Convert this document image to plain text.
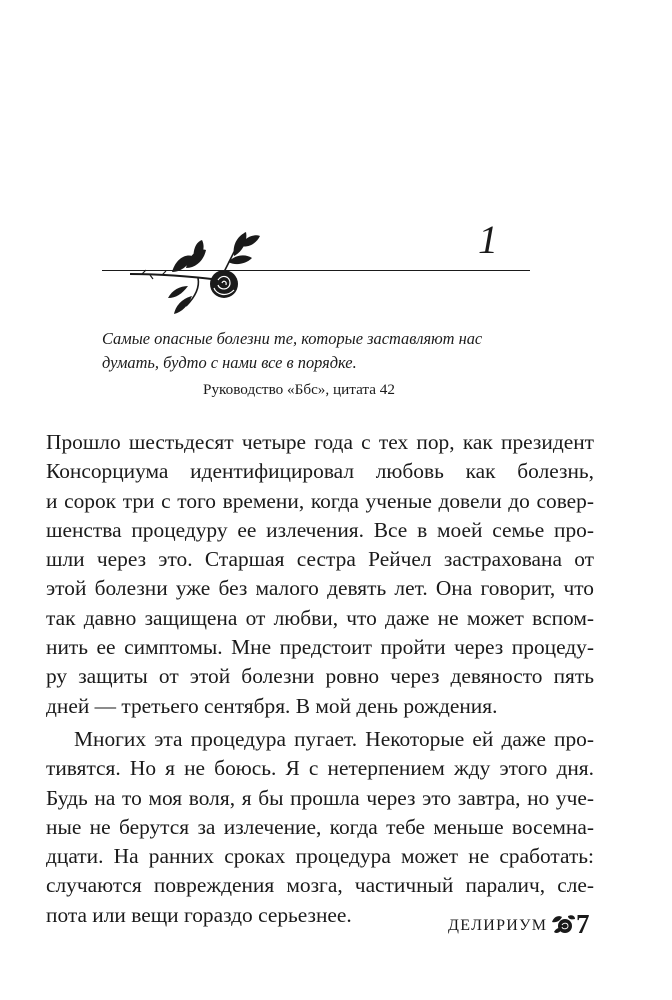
1
Самые опасные болезни те, которые заставляют нас
думать, будто с нами все в порядке.
Руководство «Ббс», цитата 42
Прошло шестьдесят четыре года с тех пор, как президент
Консорциума идентифицировал любовь как болезнь,
и сорок три с того времени, когда ученые довели до совер-
шенства процедуру ее излечения. Все в моей семье про-
шли через это. Старшая сестра Рейчел застрахована от
этой болезни уже без малого девять лет. Она говорит, что
так давно защищена от любви, что даже не может вспом-
нить ее симптомы. Мне предстоит пройти через процеду-
ру защиты от этой болезни ровно через девяносто пять
дней — третьего сентября. В мой день рождения.
Многих эта процедура пугает. Некоторые ей даже про-
тивятся. Но я не боюсь. Я с нетерпением жду этого дня.
Будь на то моя воля, я бы прошла через это завтра, но уче-
ные не берутся за излечение, когда тебе меньше восемна-
дцати. На ранних сроках процедура может не сработать:
случаются повреждения мозга, частичный паралич, сле-
пота или вещи гораздо серьезнее.	ДЕЛИРИУМ 7
